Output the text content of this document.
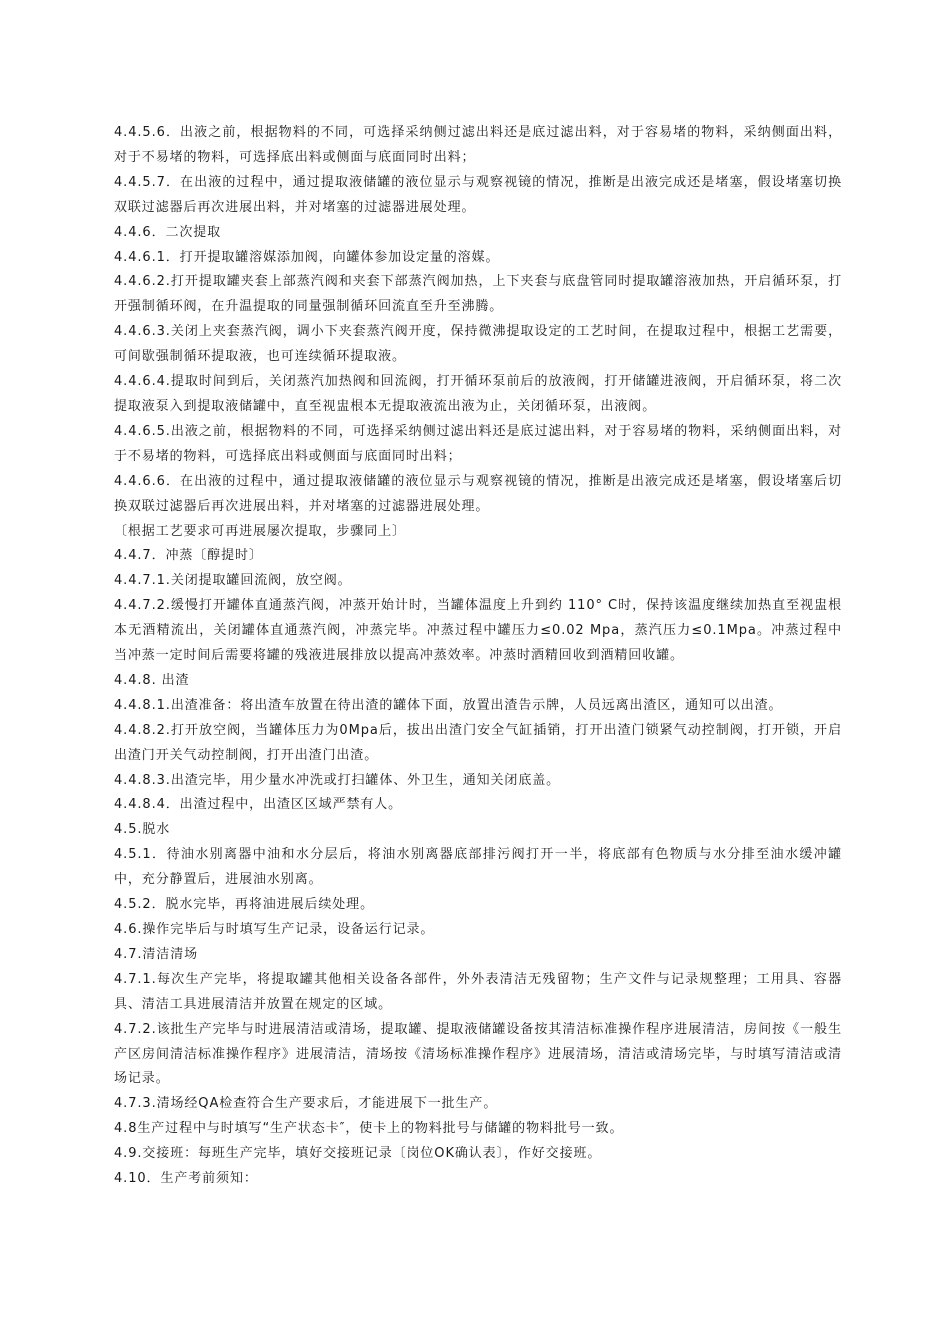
4.4.5.6．出液之前，根据物料的不同，可选择采纳侧过滤出料还是底过滤出料，对于容易堵的物料，采纳侧面出料，对于不易堵的物料，可选择底出料或侧面与底面同时出料；

4.4.5.7．在出液的过程中，通过提取液储罐的液位显示与观察视镜的情况，推断是出液完成还是堵塞，假设堵塞切换双联过滤器后再次进展出料，并对堵塞的过滤器进展处理。

4.4.6．二次提取

4.4.6.1．打开提取罐溶媒添加阀，向罐体参加设定量的溶媒。

4.4.6.2.打开提取罐夹套上部蒸汽阀和夹套下部蒸汽阀加热，上下夹套与底盘管同时提取罐溶液加热，开启循环泵，打开强制循环阀，在升温提取的同量强制循环回流直至升至沸腾。

4.4.6.3.关闭上夹套蒸汽阀，调小下夹套蒸汽阀开度，保持微沸提取设定的工艺时间，在提取过程中，根据工艺需要，可间歇强制循环提取液，也可连续循环提取液。

4.4.6.4.提取时间到后，关闭蒸汽加热阀和回流阀，打开循环泵前后的放液阀，打开储罐进液阀，开启循环泵，将二次提取液泵入到提取液储罐中，直至视盅根本无提取液流出液为止，关闭循环泵，出液阀。

4.4.6.5.出液之前，根据物料的不同，可选择采纳侧过滤出料还是底过滤出料，对于容易堵的物料，采纳侧面出料，对于不易堵的物料，可选择底出料或侧面与底面同时出料；

4.4.6.6．在出液的过程中，通过提取液储罐的液位显示与观察视镜的情况，推断是出液完成还是堵塞，假设堵塞后切换双联过滤器后再次进展出料，并对堵塞的过滤器进展处理。

〔根据工艺要求可再进展屡次提取，步骤同上〕

4.4.7．冲蒸〔醇提时〕

4.4.7.1.关闭提取罐回流阀，放空阀。

4.4.7.2.缓慢打开罐体直通蒸汽阀，冲蒸开始计时，当罐体温度上升到约 110° C时，保持该温度继续加热直至视盅根本无酒精流出，关闭罐体直通蒸汽阀，冲蒸完毕。冲蒸过程中罐压力≤0.02 Mpa，蒸汽压力≤0.1Mpa。冲蒸过程中当冲蒸一定时间后需要将罐的残液进展排放以提高冲蒸效率。冲蒸时酒精回收到酒精回收罐。

4.4.8. 出渣

4.4.8.1.出渣准备：将出渣车放置在待出渣的罐体下面，放置出渣告示牌，人员远离出渣区，通知可以出渣。

4.4.8.2.打开放空阀，当罐体压力为0Mpa后，拔出出渣门安全气缸插销，打开出渣门锁紧气动控制阀，打开锁，开启出渣门开关气动控制阀，打开出渣门出渣。

4.4.8.3.出渣完毕，用少量水冲洗或打扫罐体、外卫生，通知关闭底盖。

4.4.8.4．出渣过程中，出渣区区域严禁有人。

4.5.脱水

4.5.1．待油水别离器中油和水分层后，将油水别离器底部排污阀打开一半，将底部有色物质与水分排至油水缓冲罐中，充分静置后，进展油水别离。

4.5.2．脱水完毕，再将油进展后续处理。

4.6.操作完毕后与时填写生产记录，设备运行记录。

4.7.清洁清场

4.7.1.每次生产完毕，将提取罐其他相关设备各部件，外外表清洁无残留物；生产文件与记录规整理；工用具、容器具、清洁工具进展清洁并放置在规定的区域。

4.7.2.该批生产完毕与时进展清洁或清场，提取罐、提取液储罐设备按其清洁标准操作程序进展清洁，房间按《一般生产区房间清洁标准操作程序》进展清洁，清场按《清场标准操作程序》进展清场，清洁或清场完毕，与时填写清洁或清场记录。

4.7.3.清场经QA检查符合生产要求后，才能进展下一批生产。

4.8生产过程中与时填写“生产状态卡″，使卡上的物料批号与储罐的物料批号一致。

4.9.交接班：每班生产完毕，填好交接班记录〔岗位OK确认表〕，作好交接班。

4.10．生产考前须知：
